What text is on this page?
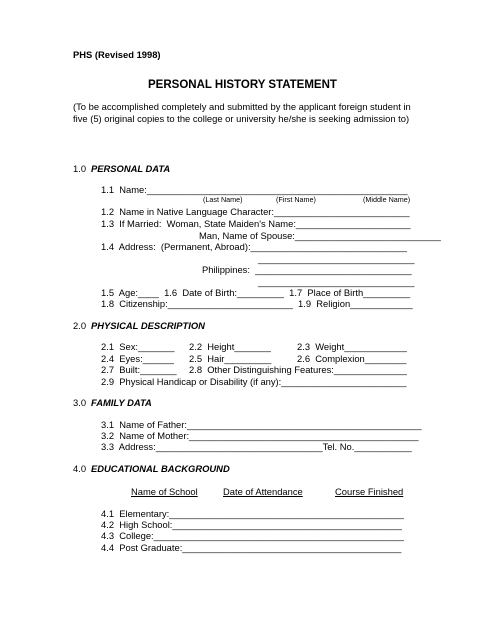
PHS (Revised 1998)
PERSONAL HISTORY STATEMENT
(To be accomplished completely and submitted by the applicant foreign student in five (5) original copies to the college or university he/she is seeking admission to)
1.0 PERSONAL DATA
1.1  Name:__________________________________________________
(Last Name)	(First Name)	(Middle Name)
1.2  Name in Native Language Character:__________________________
1.3  If Married:  Woman, State Maiden's Name:______________________
Man, Name of Spouse:____________________________
1.4  Address:  (Permanent, Abroad):______________________________
______________________________
Philippines:  ______________________________
______________________________
1.5  Age:____  1.6  Date of Birth:_________  1.7  Place of Birth_________
1.8  Citizenship:________________________  1.9  Religion____________
2.0 PHYSICAL DESCRIPTION
2.1  Sex:_______ 2.2  Height_______	2.3  Weight____________
2.4  Eyes:______ 2.5  Hair_________	2.6  Complexion________
2.7  Built:_______ 2.8  Other Distinguishing Features:______________
2.9  Physical Handicap or Disability (if any):________________________
3.0 FAMILY DATA
3.1  Name of Father:_____________________________________________
3.2  Name of Mother:____________________________________________
3.3  Address:________________________________Tel. No.___________
4.0 EDUCATIONAL BACKGROUND
Name of School	Date of Attendance	Course Finished
4.1  Elementary:_____________________________________________
4.2  High School:____________________________________________
4.3  College:________________________________________________
4.4  Post Graduate:__________________________________________
